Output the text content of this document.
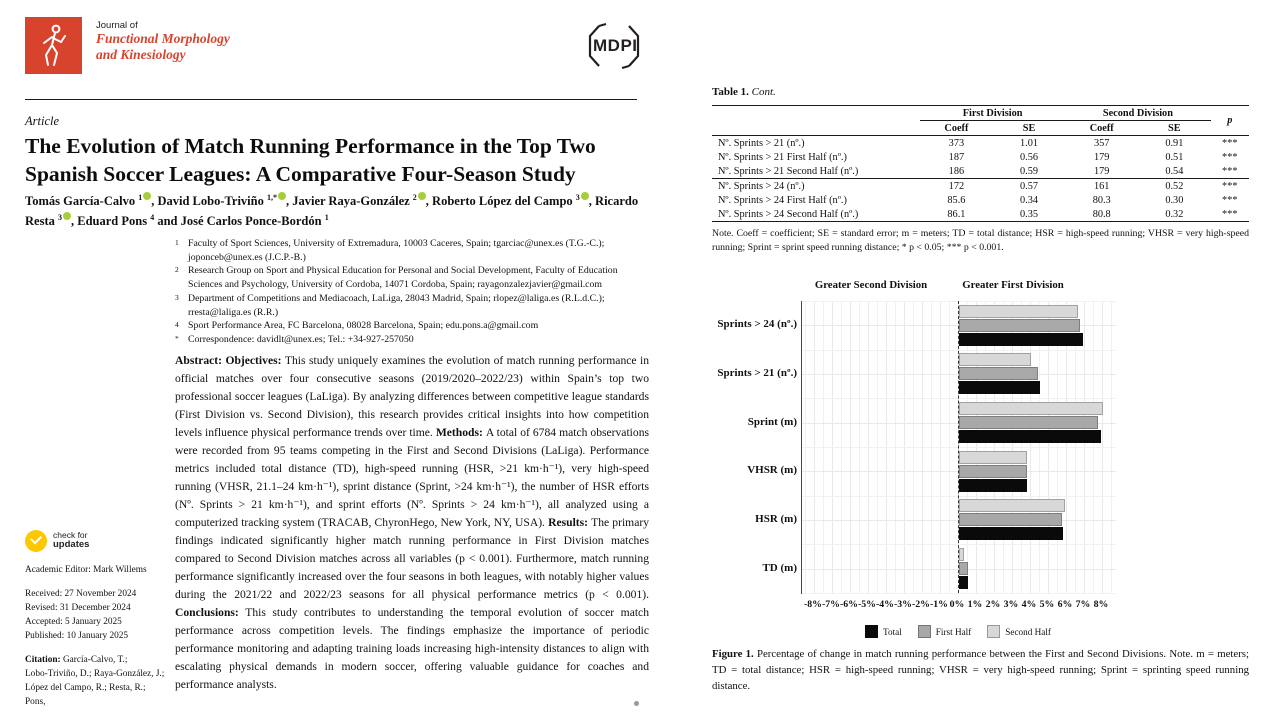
Journal of
Functional Morphology
and Kinesiology	MDPI
Article
The Evolution of Match Running Performance in the Top Two Spanish Soccer Leagues: A Comparative Four-Season Study
Tomás García-Calvo $^1$ , David Lobo-Triviño $^{1,*}$ , Javier Raya-González $^2$ , Roberto López del Campo $^3$ , Ricardo Resta $^3$ , Eduard Pons $^4$ and José Carlos Ponce-Bordón $^1$
1 Faculty of Sport Sciences, University of Extremadura, 10003 Caceres, Spain; tgarciac@unex.es (T.G.-C.); joponceb@unex.es (J.C.P.-B.)
2 Research Group on Sport and Physical Education for Personal and Social Development, Faculty of Education Sciences and Psychology, University of Cordoba, 14071 Cordoba, Spain; rayagonzalezjavier@gmail.com
3 Department of Competitions and Mediacoach, LaLiga, 28043 Madrid, Spain; rlopez@laliga.es (R.L.d.C.); rresta@laliga.es (R.R.)
4 Sport Performance Area, FC Barcelona, 08028 Barcelona, Spain; edu.pons.a@gmail.com
* Correspondence: davidlt@unex.es; Tel.: +34-927-257050
Abstract: Objectives: This study uniquely examines the evolution of match running performance in official matches over four consecutive seasons (2019/2020–2022/23) within Spain’s top two professional soccer leagues (LaLiga). By analyzing differences between competitive league standards (First Division vs. Second Division), this research provides critical insights into how competition levels influence physical performance trends over time. Methods: A total of 6784 match observations were recorded from 95 teams competing in the First and Second Divisions (LaLiga). Performance metrics included total distance (TD), high-speed running (HSR, >21 km·h⁻¹), very high-speed running (VHSR, 21.1–24 km·h⁻¹), sprint distance (Sprint, >24 km·h⁻¹), the number of HSR efforts (Nº. Sprints > 21 km·h⁻¹), and sprint efforts (Nº. Sprints > 24 km·h⁻¹), all analyzed using a computerized tracking system (TRACAB, ChyronHego, New York, NY, USA). Results: The primary findings indicated significantly higher match running performance in First Division matches compared to Second Division matches across all variables (p < 0.001). Furthermore, match running performance significantly increased over the four seasons in both leagues, with notably higher values during the 2021/22 and 2022/23 seasons for all physical performance metrics (p < 0.001). Conclusions: This study contributes to understanding the temporal evolution of soccer match performance across competition levels. The findings emphasize the importance of periodic performance monitoring and adapting training loads increasing high-intensity distances to align with escalating physical demands in modern soccer, offering valuable guidance for coaches and performance analysts.
check for
updates
Academic Editor: Mark Willems
Received: 27 November 2024
Revised: 31 December 2024
Accepted: 5 January 2025
Published: 10 January 2025
Citation: García-Calvo, T.;
Lobo-Triviño, D.; Raya-González, J.;
López del Campo, R.; Resta, R.; Pons,
Table 1. Cont.
	First Division		Second Division		p
	Coeff	SE	Coeff	SE	
Nº. Sprints > 21 (nº.)	373	1.01	357	0.91	***
Nº. Sprints > 21 First Half (nº.)	187	0.56	179	0.51	***
Nº. Sprints > 21 Second Half (nº.)	186	0.59	179	0.54	***
Nº. Sprints > 24 (nº.)	172	0.57	161	0.52	***
Nº. Sprints > 24 First Half (nº.)	85.6	0.34	80.3	0.30	***
Nº. Sprints > 24 Second Half (nº.)	86.1	0.35	80.8	0.32	***
Note. Coeff = coefficient; SE = standard error; m = meters; TD = total distance; HSR = high-speed running; VHSR = very high-speed running; Sprint = sprint speed running distance; * p < 0.05; *** p < 0.001.
Greater Second Division	Greater First Division
Sprints > 24 (nº.)
Sprints > 21 (nº.)
Sprint (m)
VHSR (m)
HSR (m)
TD (m)
-8% -7% -6% -5% -4% -3% -2% -1% 0% 1% 2% 3% 4% 5% 6% 7% 8%
Total	First Half	Second Half
Figure 1. Percentage of change in match running performance between the First and Second Divisions. Note. m = meters; TD = total distance; HSR = high-speed running; VHSR = very high-speed running; Sprint = sprinting speed running distance.
